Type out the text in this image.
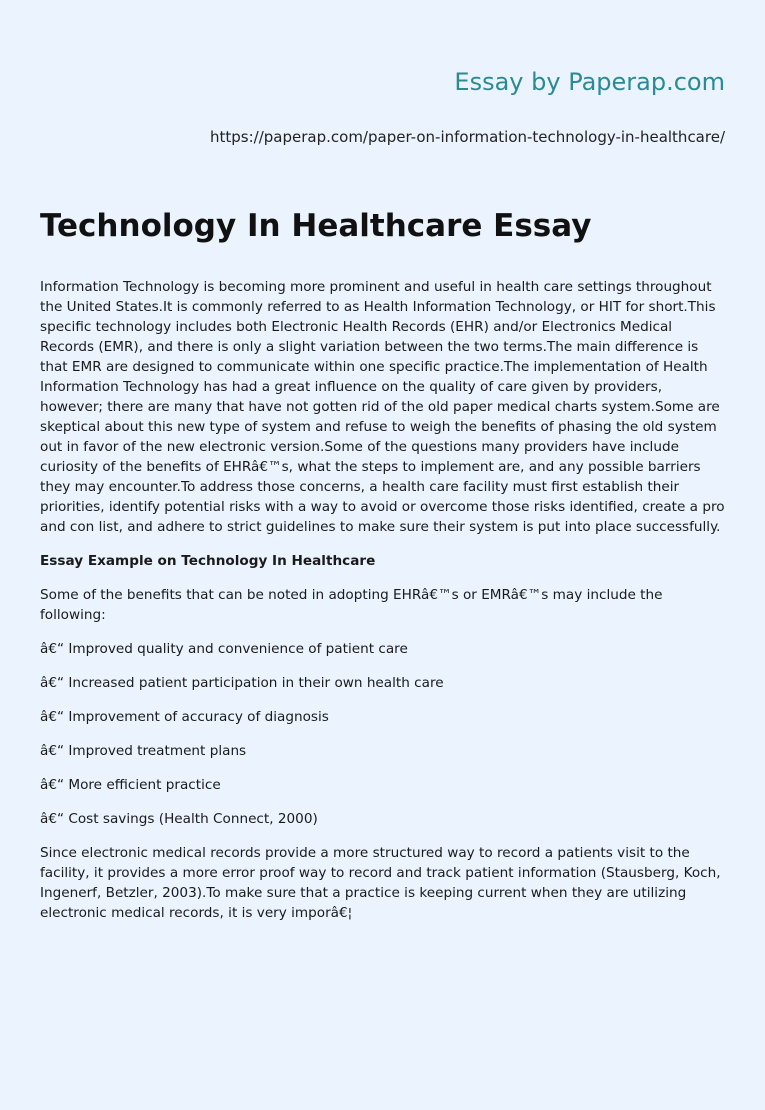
Essay by Paperap.com
https://paperap.com/paper-on-information-technology-in-healthcare/
Technology In Healthcare Essay

Information Technology is becoming more prominent and useful in health care settings throughout the United States.It is commonly referred to as Health Information Technology, or HIT for short.This specific technology includes both Electronic Health Records (EHR) and/or Electronics Medical Records (EMR), and there is only a slight variation between the two terms.The main difference is that EMR are designed to communicate within one specific practice.The implementation of Health Information Technology has had a great influence on the quality of care given by providers, however; there are many that have not gotten rid of the old paper medical charts system.Some are skeptical about this new type of system and refuse to weigh the benefits of phasing the old system out in favor of the new electronic version.Some of the questions many providers have include curiosity of the benefits of EHRâ€™s, what the steps to implement are, and any possible barriers they may encounter.To address those concerns, a health care facility must first establish their priorities, identify potential risks with a way to avoid or overcome those risks identified, create a pro and con list, and adhere to strict guidelines to make sure their system is put into place successfully.

Essay Example on Technology In Healthcare

Some of the benefits that can be noted in adopting EHRâ€™s or EMRâ€™s may include the following:

â€“ Improved quality and convenience of patient care

â€“ Increased patient participation in their own health care

â€“ Improvement of accuracy of diagnosis

â€“ Improved treatment plans

â€“ More efficient practice

â€“ Cost savings (Health Connect, 2000)

Since electronic medical records provide a more structured way to record a patients visit to the facility, it provides a more error proof way to record and track patient information (Stausberg, Koch, Ingenerf, Betzler, 2003).To make sure that a practice is keeping current when they are utilizing electronic medical records, it is very imporâ€¦
